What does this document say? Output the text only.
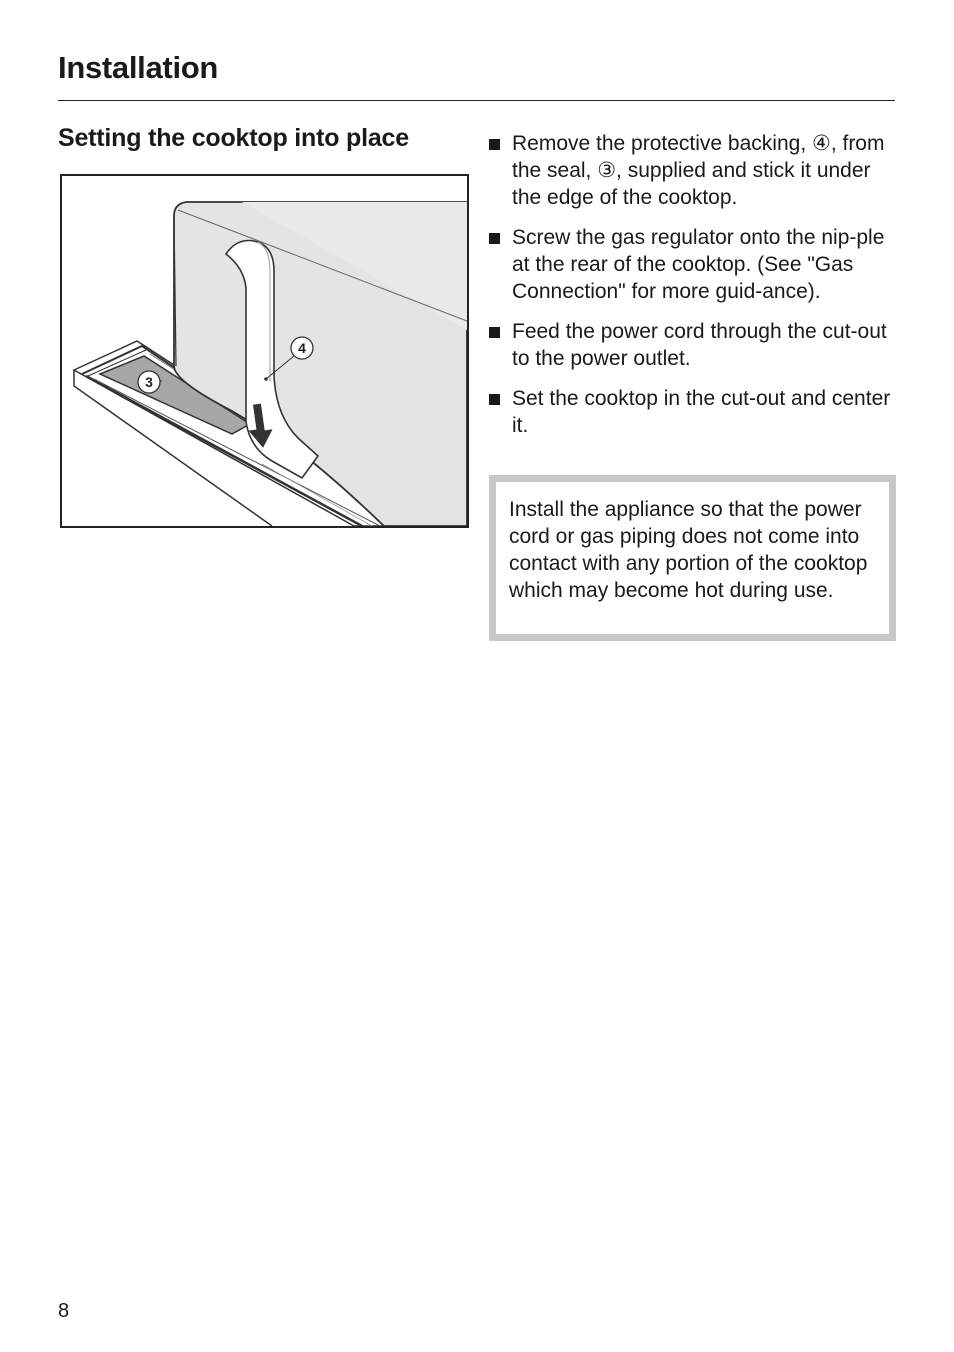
Installation
Setting the cooktop into place
4
3
Remove the protective backing, ④, from the seal, ③, supplied and stick it under the edge of the cooktop.
Screw the gas regulator onto the nip-ple at the rear of the cooktop. (See "Gas Connection" for more guid-ance).
Feed the power cord through the cut-out to the power outlet.
Set the cooktop in the cut-out and center it.
Install the appliance so that the power cord or gas piping does not come into contact with any portion of the cooktop which may become hot during use.
8
